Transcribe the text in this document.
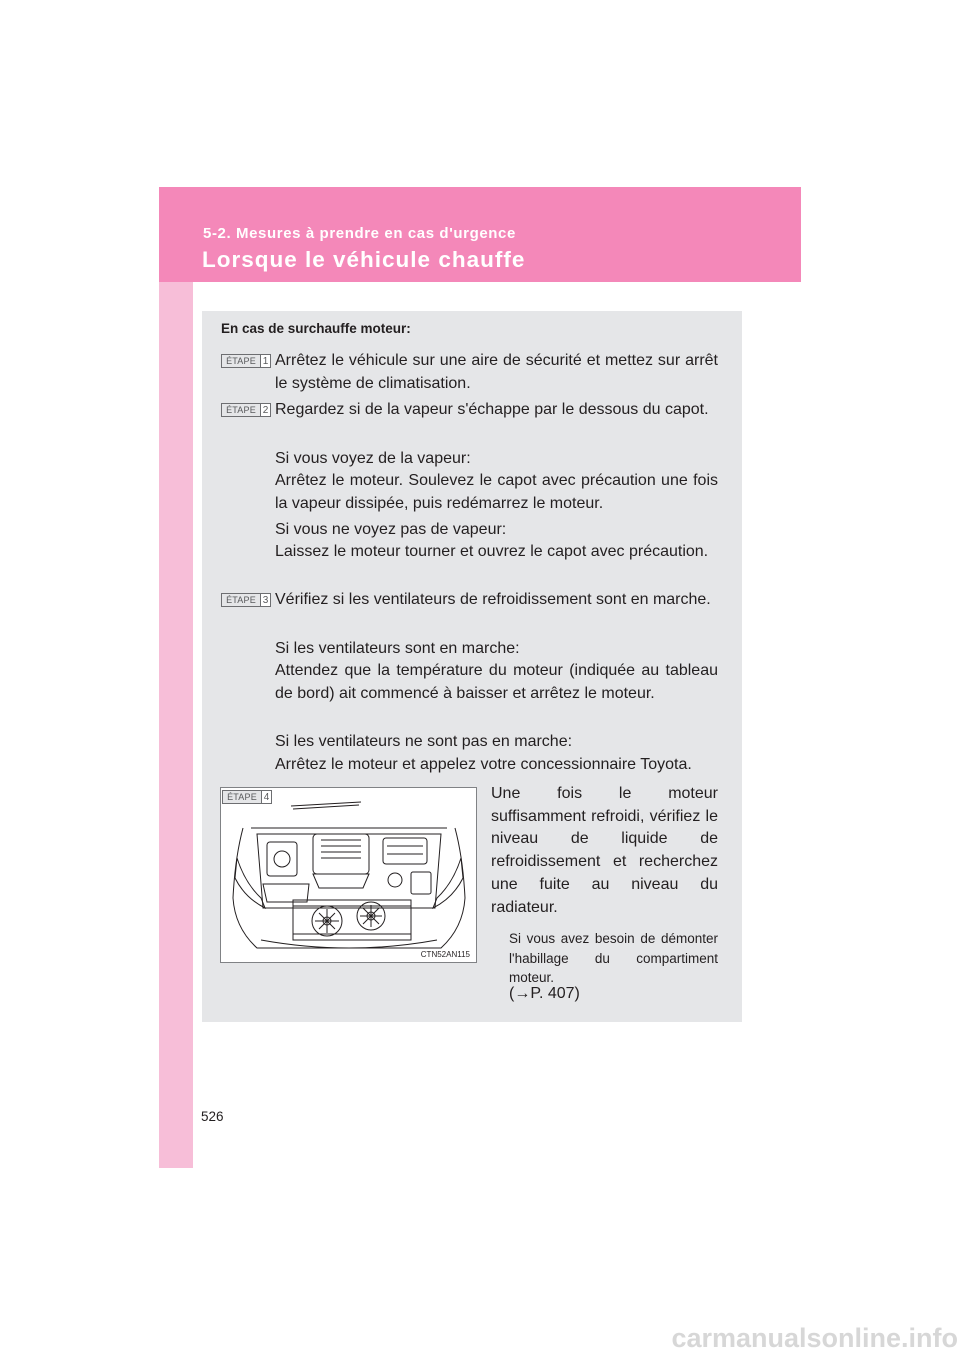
5-2. Mesures à prendre en cas d'urgence
Lorsque le véhicule chauffe
En cas de surchauffe moteur:
ÉTAPE 1 Arrêtez le véhicule sur une aire de sécurité et mettez sur arrêt le système de climatisation.
ÉTAPE 2 Regardez si de la vapeur s'échappe par le dessous du capot.
Si vous voyez de la vapeur:
Arrêtez le moteur. Soulevez le capot avec précaution une fois la vapeur dissipée, puis redémarrez le moteur.
Si vous ne voyez pas de vapeur:
Laissez le moteur tourner et ouvrez le capot avec précaution.
ÉTAPE 3 Vérifiez si les ventilateurs de refroidissement sont en marche.
Si les ventilateurs sont en marche:
Attendez que la température du moteur (indiquée au tableau de bord) ait commencé à baisser et arrêtez le moteur.
Si les ventilateurs ne sont pas en marche:
Arrêtez le moteur et appelez votre concessionnaire Toyota.
ÉTAPE 4
CTN52AN115
Une fois le moteur suffisamment refroidi, vérifiez le niveau de liquide de refroidissement et recherchez une fuite au niveau du radiateur.
Si vous avez besoin de démonter l'habillage du compartiment moteur.
(→P. 407)
526
carmanualsonline.info
